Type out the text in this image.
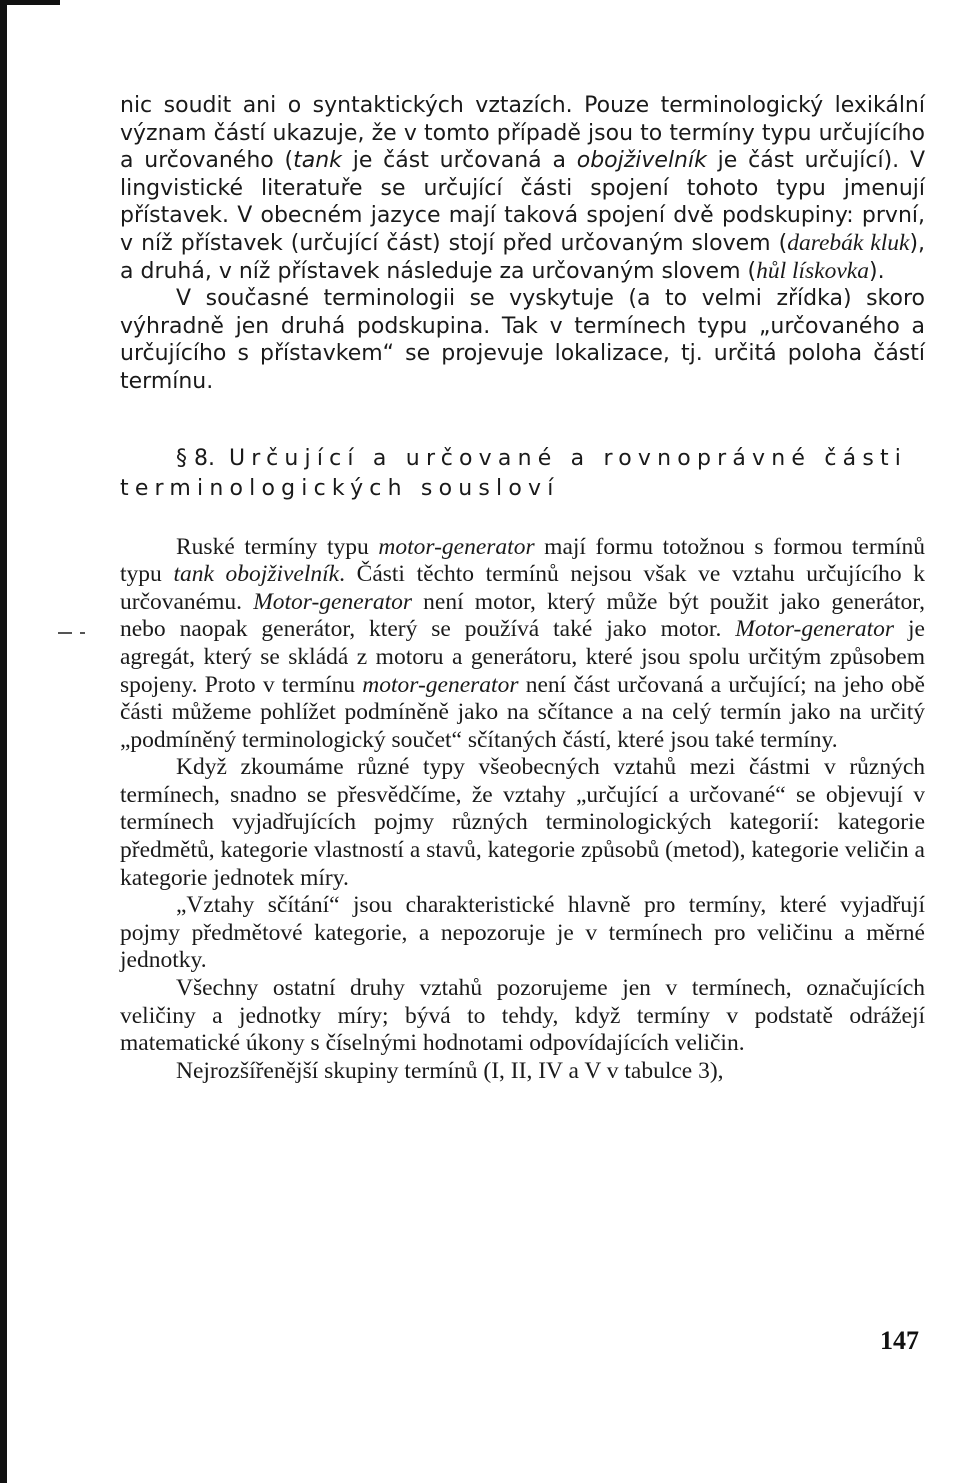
nic soudit ani o syntaktických vztazích. Pouze terminologický lexikální význam částí ukazuje, že v tomto případě jsou to termíny typu určujícího a určovaného (tank je část určovaná a obojživelník je část určující). V lingvistické literatuře se určující části spojení tohoto typu jmenují přístavek. V obecném jazyce mají taková spojení dvě podskupiny: první, v níž přístavek (určující část) stojí před určovaným slovem (darebák kluk), a druhá, v níž přístavek následuje za určovaným slovem (hůl lískovka).

V současné terminologii se vyskytuje (a to velmi zřídka) skoro výhradně jen druhá podskupina. Tak v termínech typu „určovaného a určujícího s přístavkem“ se projevuje lokalizace, tj. určitá poloha částí termínu.

§ 8. Určující a určované a rovnoprávné části terminologických sousloví

Ruské termíny typu motor-generator mají formu totožnou s formou termínů typu tank obojživelník. Části těchto termínů nejsou však ve vztahu určujícího k určovanému. Motor-generator není motor, který může být použit jako generátor, nebo naopak generátor, který se používá také jako motor. Motor-generator je agregát, který se skládá z motoru a generátoru, které jsou spolu určitým způsobem spojeny. Proto v termínu motor-generator není část určovaná a určující; na jeho obě části můžeme pohlížet podmíněně jako na sčítance a na celý termín jako na určitý „podmíněný terminologický součet“ sčítaných částí, které jsou také termíny.

Když zkoumáme různé typy všeobecných vztahů mezi částmi v různých termínech, snadno se přesvědčíme, že vztahy „určující a určované“ se objevují v termínech vyjadřujících pojmy různých terminologických kategorií: kategorie předmětů, kategorie vlastností a stavů, kategorie způsobů (metod), kategorie veličin a kategorie jednotek míry.

„Vztahy sčítání“ jsou charakteristické hlavně pro termíny, které vyjadřují pojmy předmětové kategorie, a nepozoruje je v termínech pro veličinu a měrné jednotky.

Všechny ostatní druhy vztahů pozorujeme jen v termínech, označujících veličiny a jednotky míry; bývá to tehdy, když termíny v podstatě odrážejí matematické úkony s číselnými hodnotami odpovídajících veličin.

Nejrozšířenější skupiny termínů (I, II, IV a V v tabulce 3),

147
